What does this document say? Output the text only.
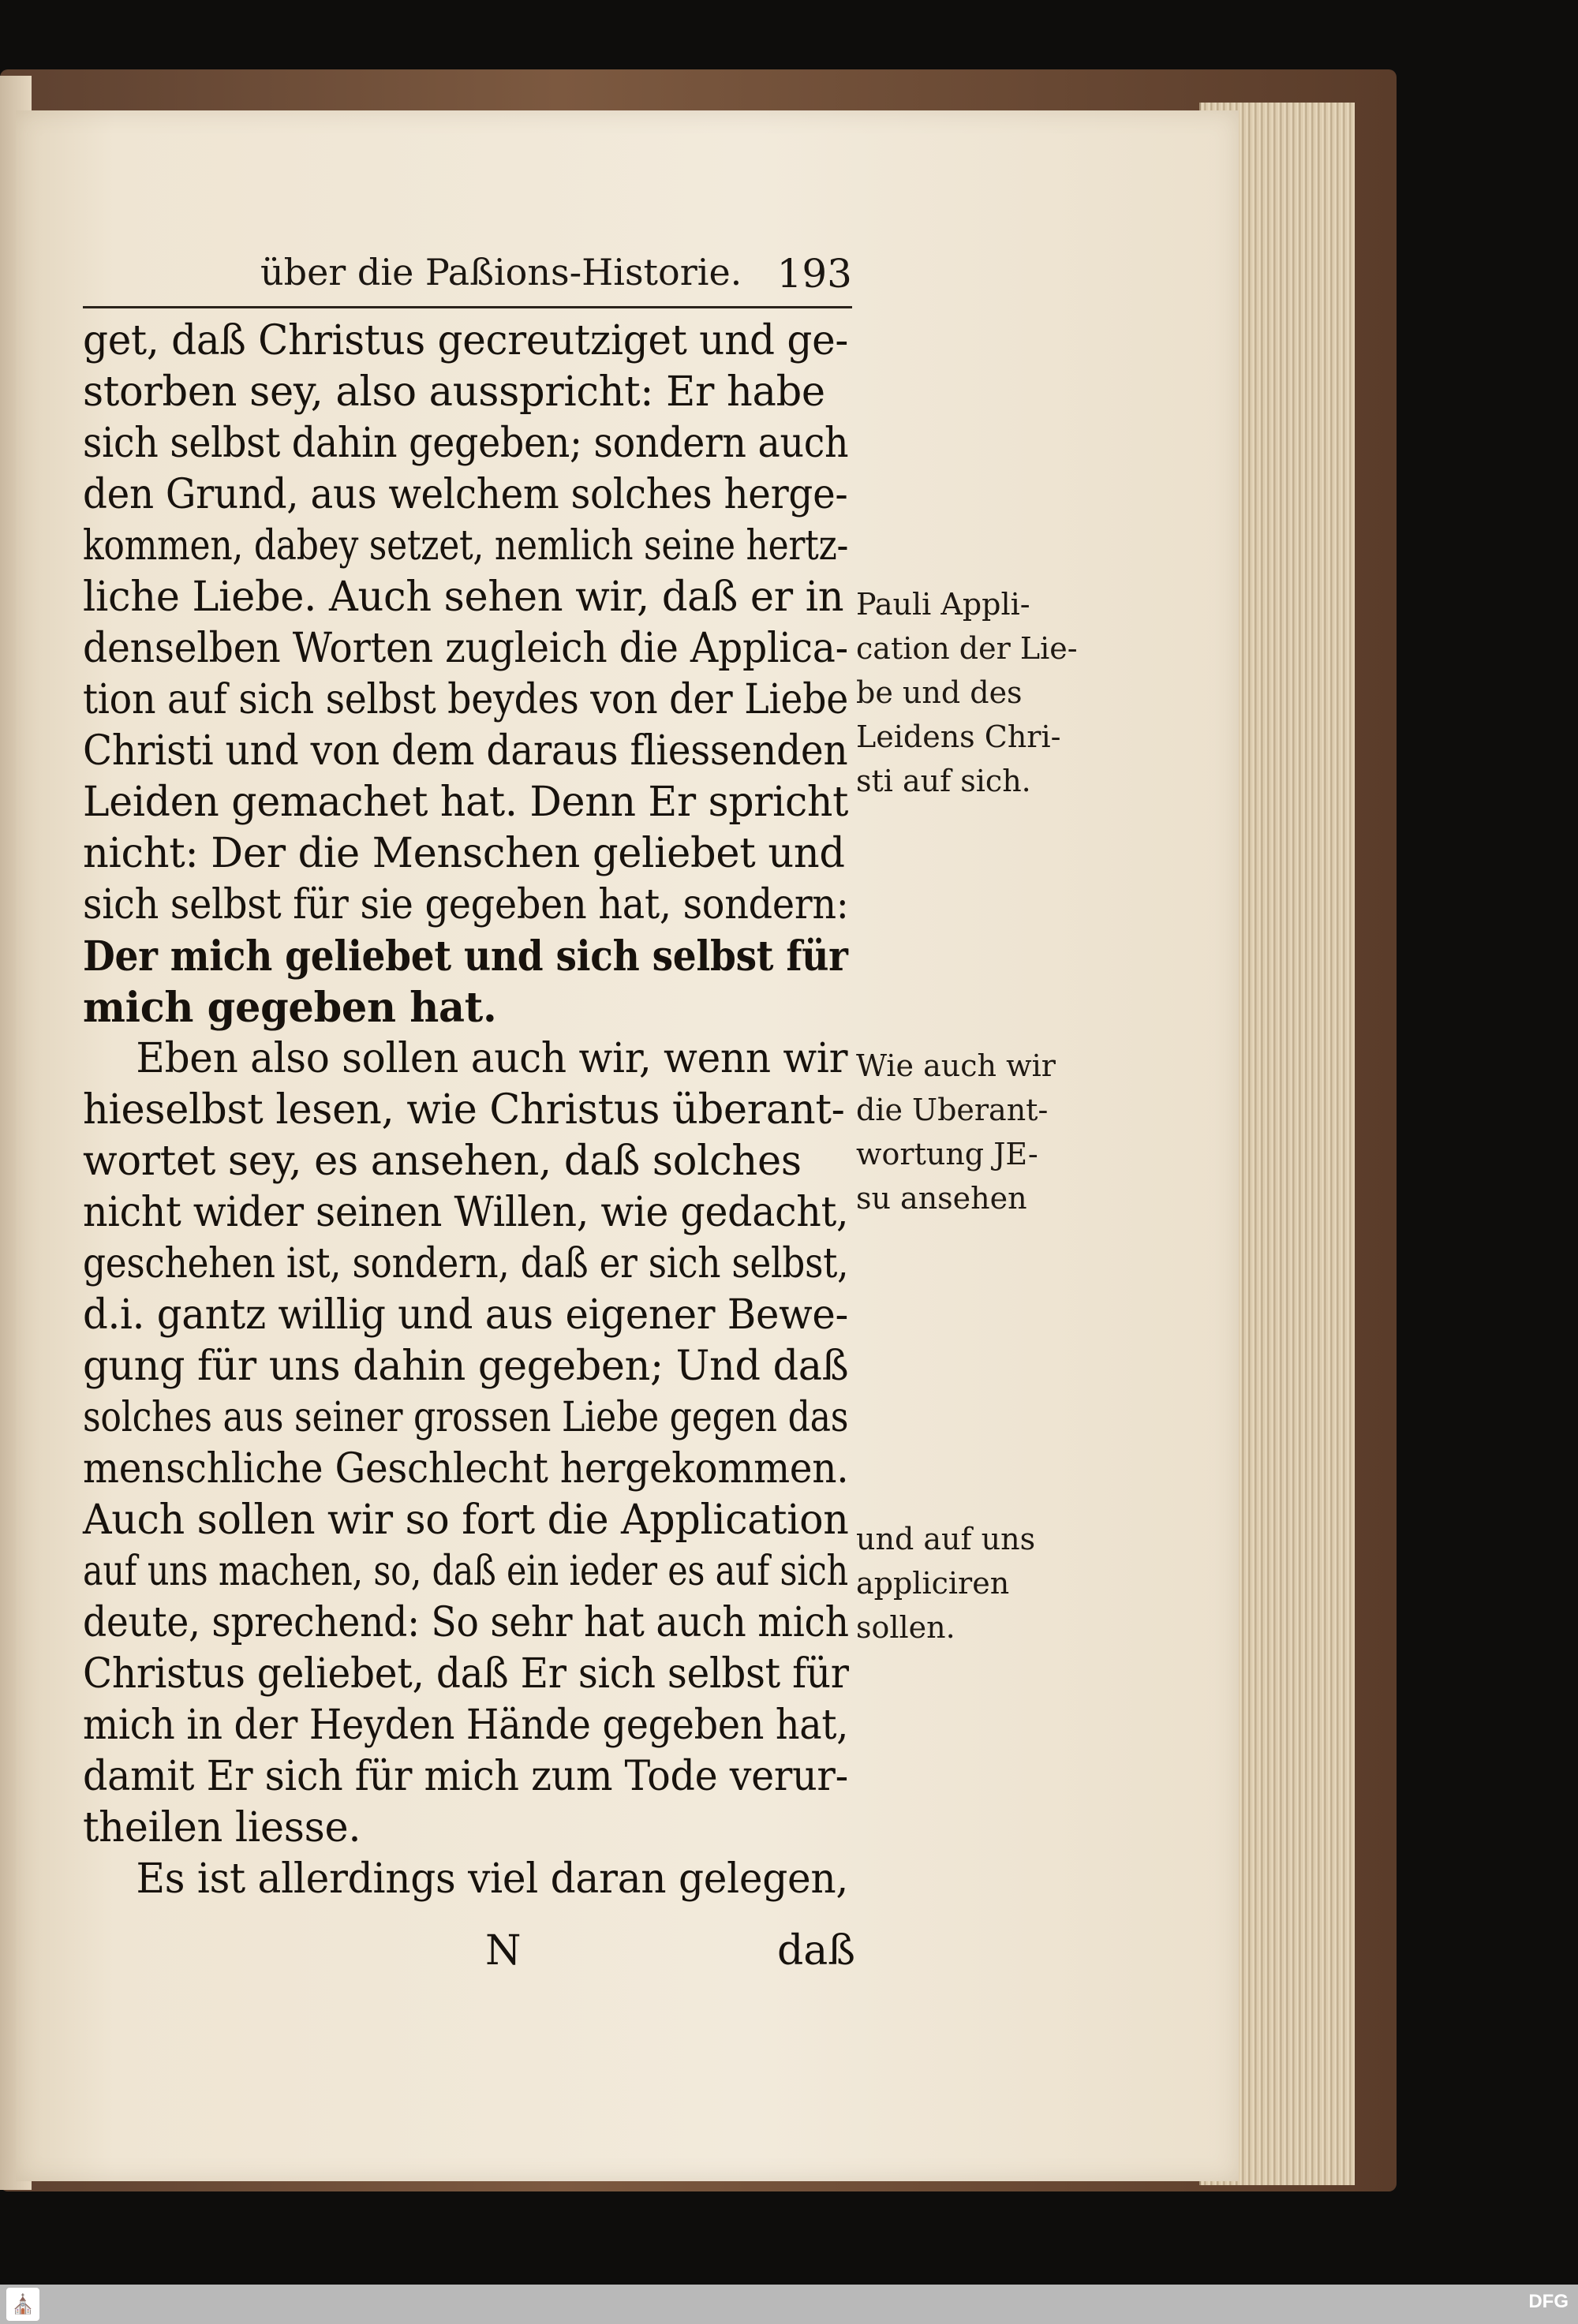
über die Paßions-Historie. 193
get, daß Christus gecreutziget und ge-
storben sey, also ausspricht: Er habe
sich selbst dahin gegeben; sondern auch
den Grund, aus welchem solches herge-
kommen, dabey setzet, nemlich seine hertz-
liche Liebe. Auch sehen wir, daß er in
denselben Worten zugleich die Applica-
tion auf sich selbst beydes von der Liebe
Christi und von dem daraus fliessenden
Leiden gemachet hat. Denn Er spricht
nicht: Der die Menschen geliebet und
sich selbst für sie gegeben hat, sondern:
Der mich geliebet und sich selbst für
mich gegeben hat.
Eben also sollen auch wir, wenn wir
hieselbst lesen, wie Christus überant-
wortet sey, es ansehen, daß solches
nicht wider seinen Willen, wie gedacht,
geschehen ist, sondern, daß er sich selbst,
d.i. gantz willig und aus eigener Bewe-
gung für uns dahin gegeben; Und daß
solches aus seiner grossen Liebe gegen das
menschliche Geschlecht hergekommen.
Auch sollen wir so fort die Application
auf uns machen, so, daß ein ieder es auf sich
deute, sprechend: So sehr hat auch mich
Christus geliebet, daß Er sich selbst für
mich in der Heyden Hände gegeben hat,
damit Er sich für mich zum Tode verur-
theilen liesse.
Es ist allerdings viel daran gelegen,
N	daß
Pauli Appli-
cation der Lie-
be und des
Leidens Chri-
sti auf sich.
Wie auch wir
die Uberant-
wortung JE-
su ansehen
und auf uns
appliciren
sollen.
⛪	DFG
